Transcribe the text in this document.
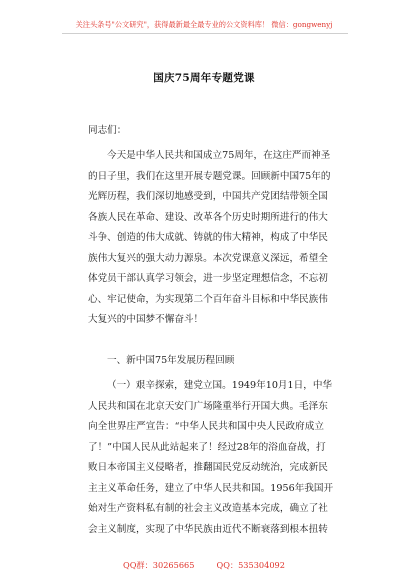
关注头条号"公文研究"，获得最新最全最专业的公文资料库！ 微信：gongwenyj
国庆75周年专题党课
同志们：
今天是中华人民共和国成立75周年，在这庄严而神圣
的日子里，我们在这里开展专题党课。回顾新中国75年的
光辉历程，我们深切地感受到，中国共产党团结带领全国
各族人民在革命、建设、改革各个历史时期所进行的伟大
斗争、创造的伟大成就、铸就的伟大精神，构成了中华民
族伟大复兴的强大动力源泉。本次党课意义深远，希望全
体党员干部认真学习领会，进一步坚定理想信念，不忘初
心、牢记使命，为实现第二个百年奋斗目标和中华民族伟
大复兴的中国梦不懈奋斗！
一、新中国75年发展历程回顾
（一）艰辛探索，建党立国。1949年10月1日，中华
人民共和国在北京天安门广场隆重举行开国大典。毛泽东
向全世界庄严宣告：“中华人民共和国中央人民政府成立
了！”中国人民从此站起来了！经过28年的浴血奋战，打
败日本帝国主义侵略者，推翻国民党反动统治，完成新民
主主义革命任务，建立了中华人民共和国。1956年我国开
始对生产资料私有制的社会主义改造基本完成，确立了社
会主义制度，实现了中华民族由近代不断衰落到根本扭转
QQ群：30265665	QQ：535304092
